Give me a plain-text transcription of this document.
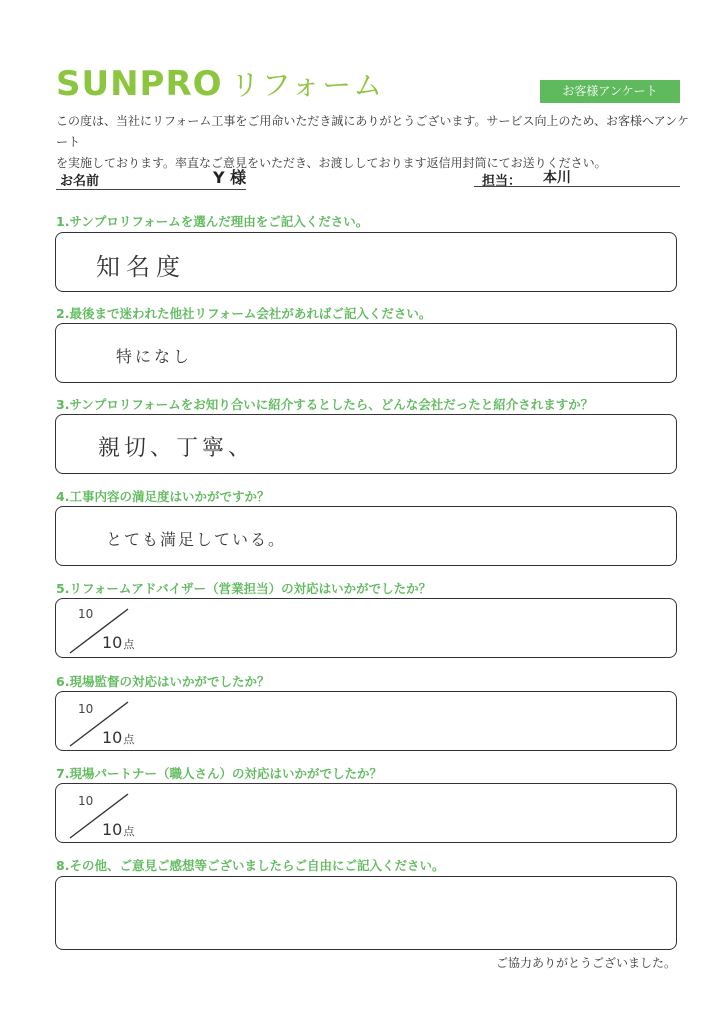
SUNPRO リフォーム	お客様アンケート
この度は、当社にリフォーム工事をご用命いただき誠にありがとうございます。サービス向上のため、お客様へアンケート
を実施しております。率直なご意見をいただき、お渡ししております返信用封筒にてお送りください。
お名前	Y 様	担当： 本川
1.サンプロリフォームを選んだ理由をご記入ください。
知名度
2.最後まで迷われた他社リフォーム会社があればご記入ください。
特になし
3.サンプロリフォームをお知り合いに紹介するとしたら、どんな会社だったと紹介されますか？
親切、丁寧、
4.工事内容の満足度はいかがですか？
とても満足している。
5.リフォームアドバイザー（営業担当）の対応はいかがでしたか？
10
10点
6.現場監督の対応はいかがでしたか？
10
10点
7.現場パートナー（職人さん）の対応はいかがでしたか？
10
10点
8.その他、ご意見ご感想等ございましたらご自由にご記入ください。
ご協力ありがとうございました。
